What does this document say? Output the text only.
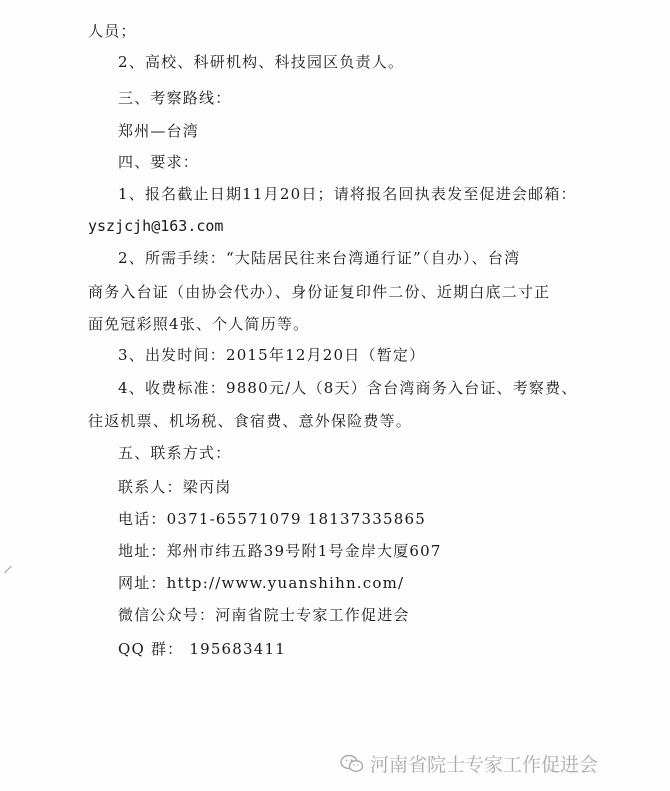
人员；
2、高校、科研机构、科技园区负责人。
三、考察路线：
郑州—台湾
四、要求：
1、报名截止日期11月20日；请将报名回执表发至促进会邮箱：
yszjcjh@163.com
2、所需手续：“大陆居民往来台湾通行证”（自办）、台湾
商务入台证（由协会代办）、身份证复印件二份、近期白底二寸正
面免冠彩照4张、个人简历等。
3、出发时间：2015年12月20日（暂定）
4、收费标准：9880元/人（8天）含台湾商务入台证、考察费、
往返机票、机场税、食宿费、意外保险费等。
五、联系方式：
联系人：梁丙岗
电话：0371-65571079 18137335865
地址：郑州市纬五路39号附1号金岸大厦607
网址：http://www.yuanshihn.com/
微信公众号：河南省院士专家工作促进会
QQ 群： 195683411
河南省院士专家工作促进会
